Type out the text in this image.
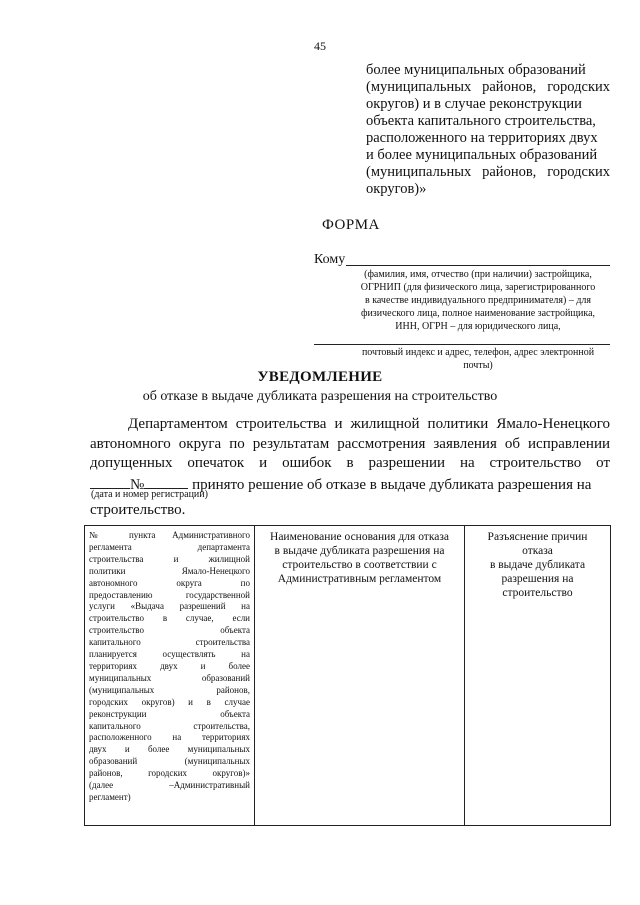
45
более муниципальных образований
(муниципальных районов, городских
округов) и в случае реконструкции
объекта капитального строительства,
расположенного на территориях двух
и более муниципальных образований
(муниципальных районов, городских
округов)»
ФОРМА
Кому
(фамилия, имя, отчество (при наличии) застройщика,
ОГРНИП (для физического лица, зарегистрированного
в качестве индивидуального предпринимателя) – для
физического лица, полное наименование застройщика,
ИНН, ОГРН – для юридического лица,
почтовый индекс и адрес, телефон, адрес электронной
почты)
УВЕДОМЛЕНИЕ
об отказе в выдаче дубликата разрешения на строительство
Департаментом строительства и жилищной политики Ямало-Ненецкого
автономного округа по результатам рассмотрения заявления об исправлении
допущенных опечаток и ошибок в разрешении на строительство от
№	принято решение об отказе в выдаче дубликата разрешения на
(дата и номер регистрации)
строительство.
№ пункта Административного
регламента департамента
строительства и жилищной
политики Ямало-Ненецкого
автономного округа по
предоставлению государственной
услуги «Выдача разрешений на
строительство в случае, если
строительство объекта
капитального строительства
планируется осуществлять на
территориях двух и более
муниципальных образований
(муниципальных районов,
городских округов) и в случае
реконструкции объекта
капитального строительства,
расположенного на территориях
двух и более муниципальных
образований (муниципальных
районов, городских округов)»
(далее –Административный
регламент)

Наименование основания для отказа
в выдаче дубликата разрешения на
строительство в соответствии с
Административным регламентом

Разъяснение причин
отказа
в выдаче дубликата
разрешения на
строительство
